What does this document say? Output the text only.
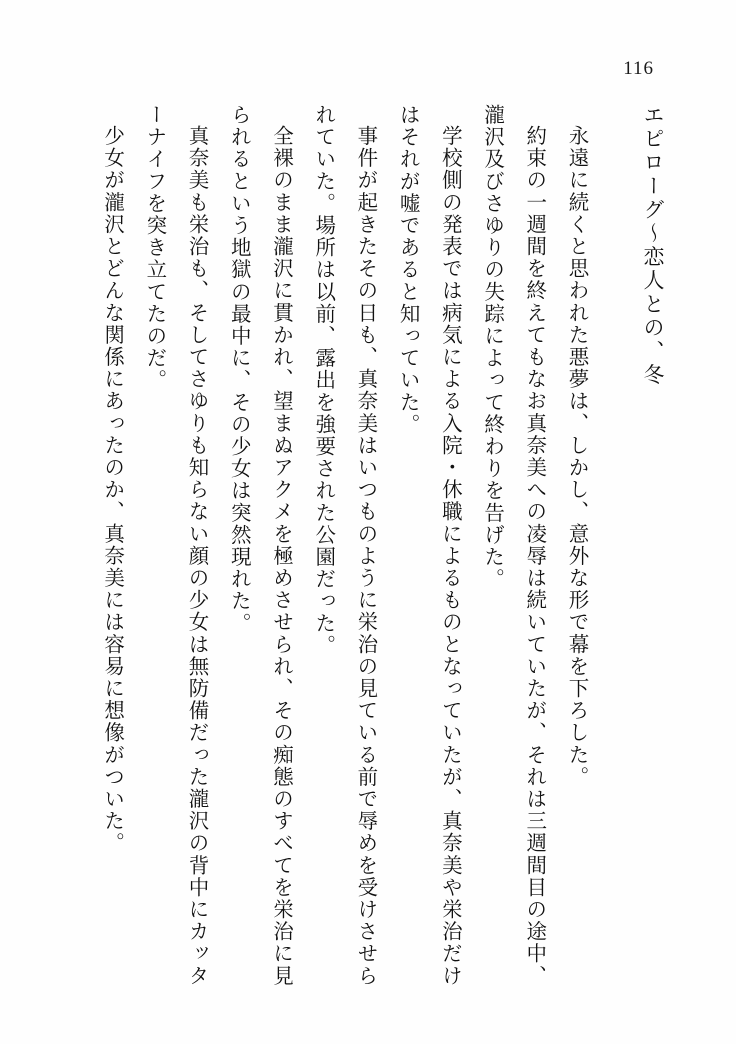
116
エピローグ～恋人との、冬
永遠に続くと思われた悪夢は、しかし、意外な形で幕を下ろした。
約束の一週間を終えてもなお真奈美への凌辱は続いていたが、それは三週間目の途中、瀧沢及びさゆりの失踪によって終わりを告げた。
学校側の発表では病気による入院・休職によるものとなっていたが、真奈美や栄治だけはそれが嘘であると知っていた。
事件が起きたその日も、真奈美はいつものように栄治の見ている前で辱めを受けさせられていた。場所は以前、露出を強要された公園だった。
全裸のまま瀧沢に貫かれ、望まぬアクメを極めさせられ、その痴態のすべてを栄治に見られるという地獄の最中に、その少女は突然現れた。
真奈美も栄治も、そしてさゆりも知らない顔の少女は無防備だった瀧沢の背中にカッターナイフを突き立てたのだ。
少女が瀧沢とどんな関係にあったのか、真奈美には容易に想像がついた。
